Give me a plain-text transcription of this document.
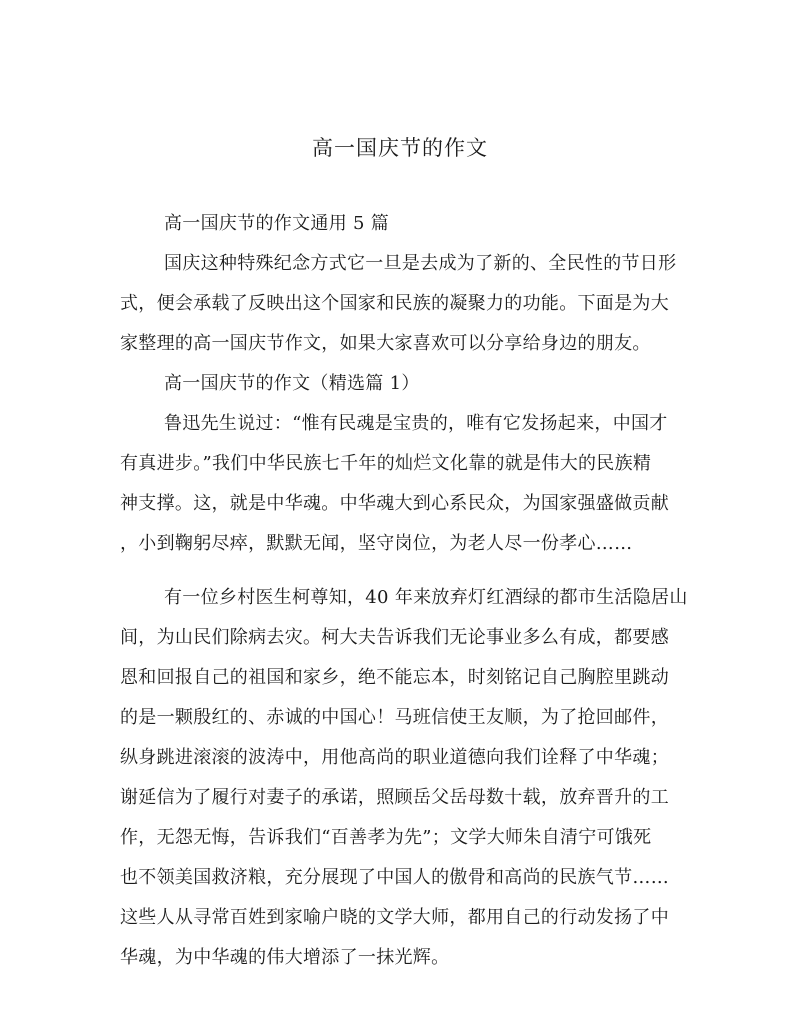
高一国庆节的作文
高一国庆节的作文通用 5 篇
国庆这种特殊纪念方式它一旦是去成为了新的、全民性的节日形
式，便会承载了反映出这个国家和民族的凝聚力的功能。下面是为大
家整理的高一国庆节作文，如果大家喜欢可以分享给身边的朋友。
高一国庆节的作文（精选篇 1）
鲁迅先生说过：“惟有民魂是宝贵的，唯有它发扬起来，中国才
有真进步。”我们中华民族七千年的灿烂文化靠的就是伟大的民族精
神支撑。这，就是中华魂。中华魂大到心系民众，为国家强盛做贡献
，小到鞠躬尽瘁，默默无闻，坚守岗位，为老人尽一份孝心……
有一位乡村医生柯尊知，40 年来放弃灯红酒绿的都市生活隐居山
间，为山民们除病去灾。柯大夫告诉我们无论事业多么有成，都要感
恩和回报自己的祖国和家乡，绝不能忘本，时刻铭记自己胸腔里跳动
的是一颗殷红的、赤诚的中国心！马班信使王友顺，为了抢回邮件，
纵身跳进滚滚的波涛中，用他高尚的职业道德向我们诠释了中华魂；
谢延信为了履行对妻子的承诺，照顾岳父岳母数十载，放弃晋升的工
作，无怨无悔，告诉我们“百善孝为先”；文学大师朱自清宁可饿死
也不领美国救济粮，充分展现了中国人的傲骨和高尚的民族气节……
这些人从寻常百姓到家喻户晓的文学大师，都用自己的行动发扬了中
华魂，为中华魂的伟大增添了一抹光辉。
